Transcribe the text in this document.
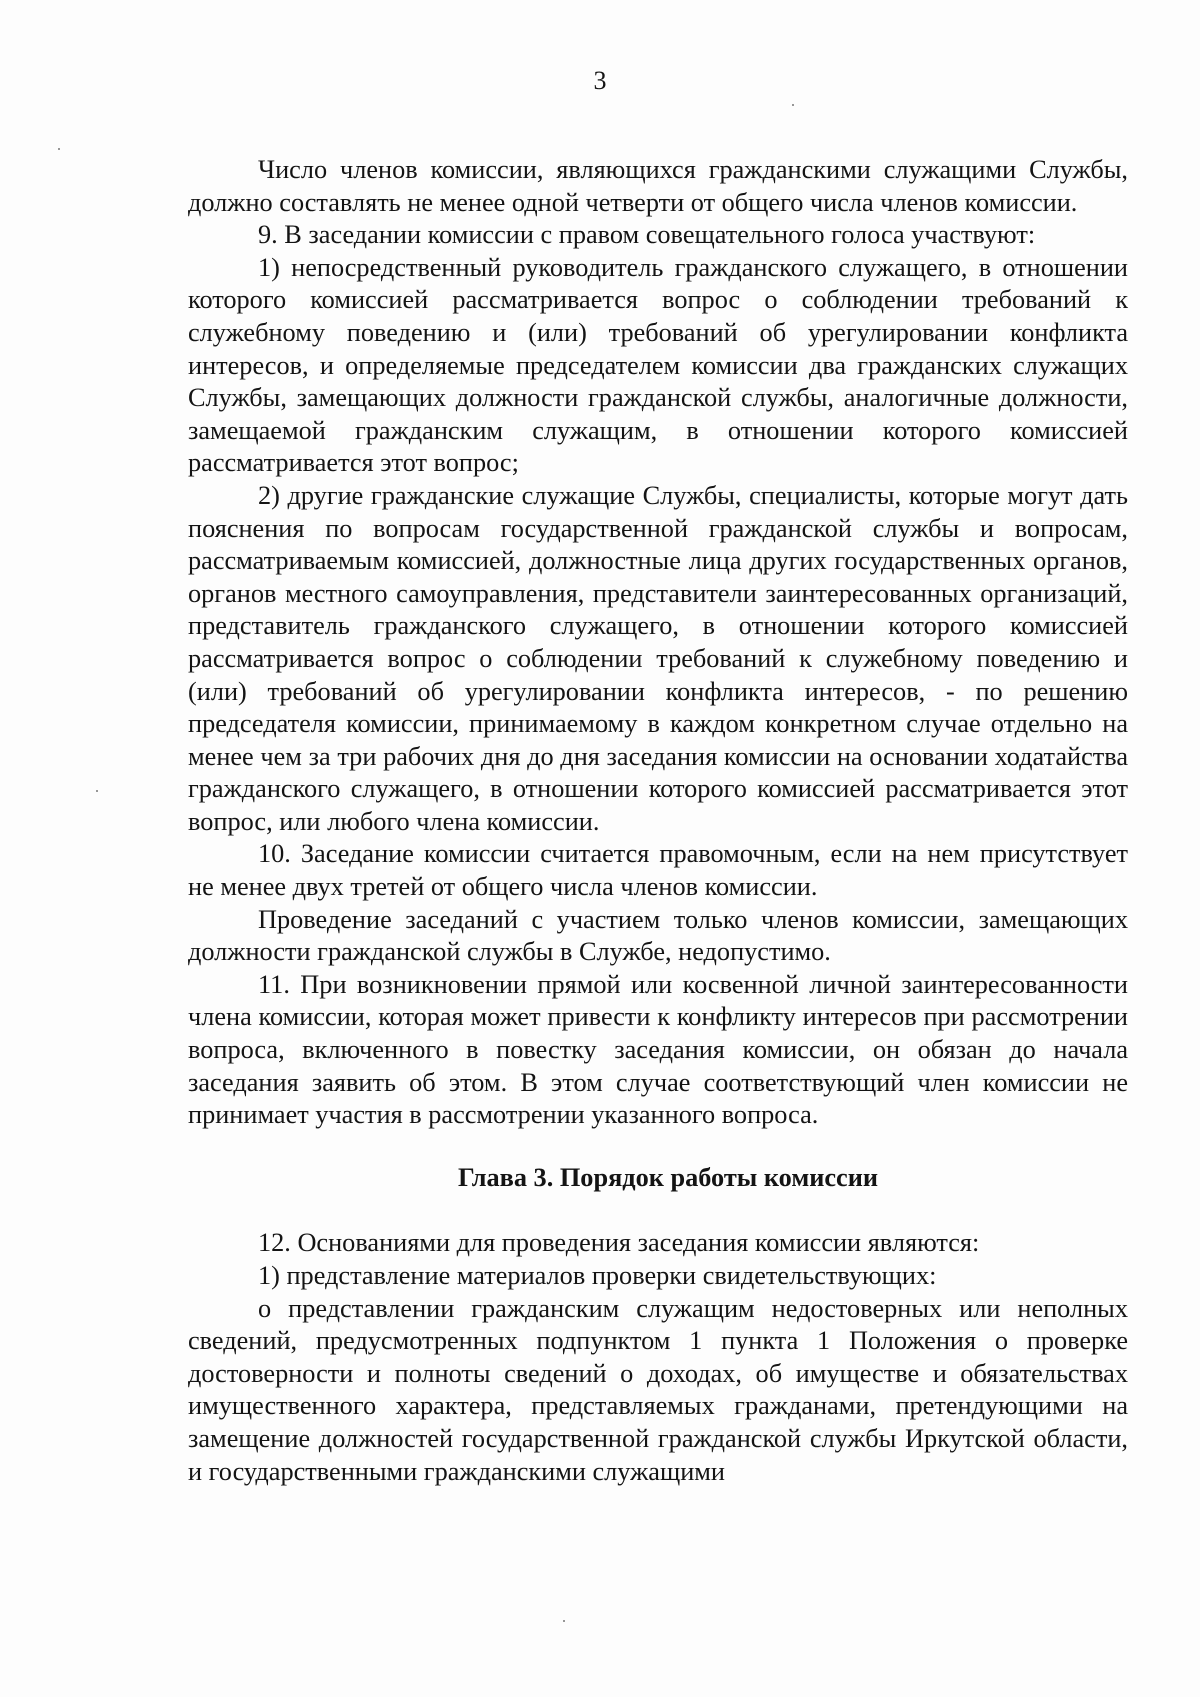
3

Число членов комиссии, являющихся гражданскими служащими Службы, должно составлять не менее одной четверти от общего числа членов комиссии.

9. В заседании комиссии с правом совещательного голоса участвуют:

1) непосредственный руководитель гражданского служащего, в отношении которого комиссией рассматривается вопрос о соблюдении требований к служебному поведению и (или) требований об урегулировании конфликта интересов, и определяемые председателем комиссии два гражданских служащих Службы, замещающих должности гражданской службы, аналогичные должности, замещаемой гражданским служащим, в отношении которого комиссией рассматривается этот вопрос;

2) другие гражданские служащие Службы, специалисты, которые могут дать пояснения по вопросам государственной гражданской службы и вопросам, рассматриваемым комиссией, должностные лица других государственных органов, органов местного самоуправления, представители заинтересованных организаций, представитель гражданского служащего, в отношении которого комиссией рассматривается вопрос о соблюдении требований к служебному поведению и (или) требований об урегулировании конфликта интересов, - по решению председателя комиссии, принимаемому в каждом конкретном случае отдельно на менее чем за три рабочих дня до дня заседания комиссии на основании ходатайства гражданского служащего, в отношении которого комиссией рассматривается этот вопрос, или любого члена комиссии.

10. Заседание комиссии считается правомочным, если на нем присутствует не менее двух третей от общего числа членов комиссии.

Проведение заседаний с участием только членов комиссии, замещающих должности гражданской службы в Службе, недопустимо.

11. При возникновении прямой или косвенной личной заинтересованности члена комиссии, которая может привести к конфликту интересов при рассмотрении вопроса, включенного в повестку заседания комиссии, он обязан до начала заседания заявить об этом. В этом случае соответствующий член комиссии не принимает участия в рассмотрении указанного вопроса.

Глава 3. Порядок работы комиссии

12. Основаниями для проведения заседания комиссии являются:

1) представление материалов проверки свидетельствующих:

о представлении гражданским служащим недостоверных или неполных сведений, предусмотренных подпунктом 1 пункта 1 Положения о проверке достоверности и полноты сведений о доходах, об имуществе и обязательствах имущественного характера, представляемых гражданами, претендующими на замещение должностей государственной гражданской службы Иркутской области, и государственными гражданскими служащими
